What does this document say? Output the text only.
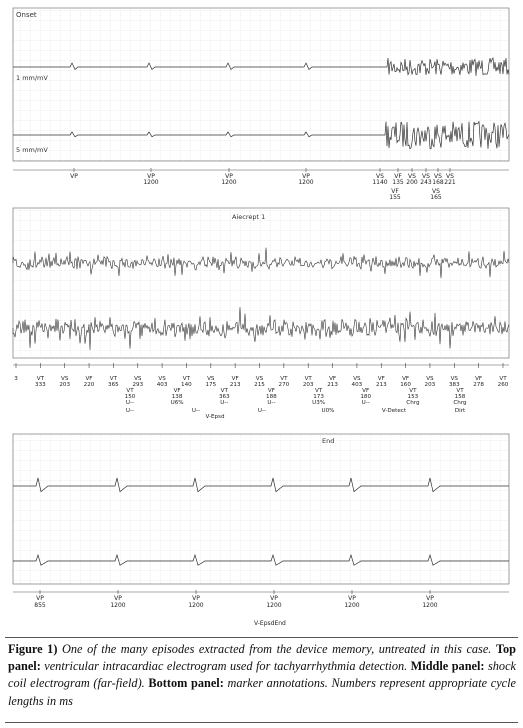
Onset
1 mm/mV
5 mm/mV
VP	VP
1200
VP
1200
VP
1200
VS
1140
VF
135
VS
200
VS
243
VS
168
VS
221
VF
155
VS
165
Aiecrept 1
3	VT
333
VS
203
VF
220
VT
365
VS
293
VS
403
VT
140
VS
175
VF
213
VS
215
VT
270
VT
203
VF
213
VS
403
VF
213
VF
160
VS
203
VS
383
VF
278
VT
260
VT
150
VF
138
VT
363
VF
188
VT
173
VF
180
VT
153
VT
158
U--	U6%	U--	U--	U3%	U--	Chrg	Chrg
U--	U--	U--	U0%	V-Detect	Dirt
V-Epsd
End
VP
855
VP
1200
VP
1200
VP
1200
VP
1200
VP
1200
V-EpsdEnd
Figure 1) One of the many episodes extracted from the device memory, untreated in this case. Top panel: ventricular intracardiac electrogram used for tachyarrhythmia detection. Middle panel: shock coil electrogram (far-field). Bottom panel: marker annotations. Numbers represent appropriate cycle lengths in ms
